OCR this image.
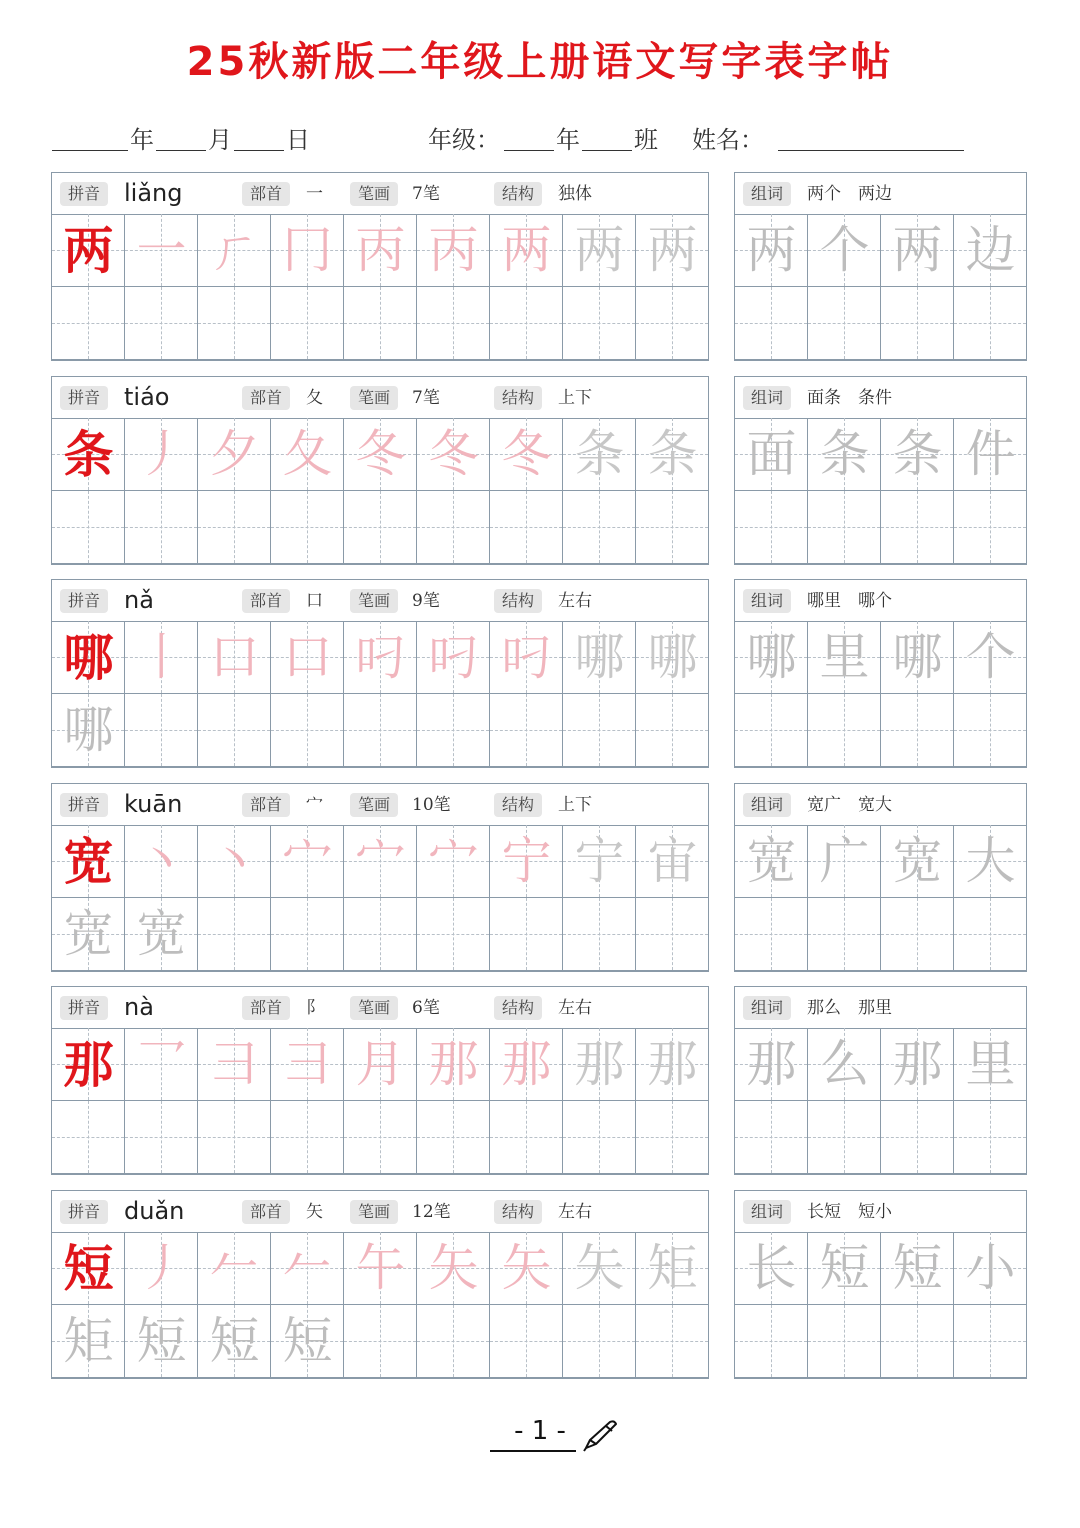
25秋新版二年级上册语文写字表字帖
年 月 日	年级： 年 班 姓名：
拼音 liǎng	部首	一	笔画	7笔	结构	独体
两 一 ㄏ 冂 丙 丙 两 两 两
组词	两个　两边
两 个 两 边
拼音 tiáo	部首	夂	笔画	7笔	结构	上下
条 丿 夕 夂 冬 冬 冬 条 条
组词	面条　条件
面 条 条 件
拼音 nǎ	部首	口	笔画	9笔	结构	左右
哪 丨 口 口 叼 叼 叼 哪 哪
哪
组词	哪里　哪个
哪 里 哪 个
拼音 kuān	部首	宀	笔画	10笔	结构	上下
宽 丶 丶 宀 宀 宀 宁 宁 宙
宽 宽
组词	宽广　宽大
宽 广 宽 大
拼音 nà	部首	阝	笔画	6笔	结构	左右
那 乛 彐 彐 月 那 那 那 那
组词	那么　那里
那 么 那 里
拼音 duǎn	部首	矢	笔画	12笔	结构	左右
短 丿 𠂉 𠂉 午 矢 矢 矢 矩
矩 短 短 短
组词	长短　短小
长 短 短 小
- 1 -
